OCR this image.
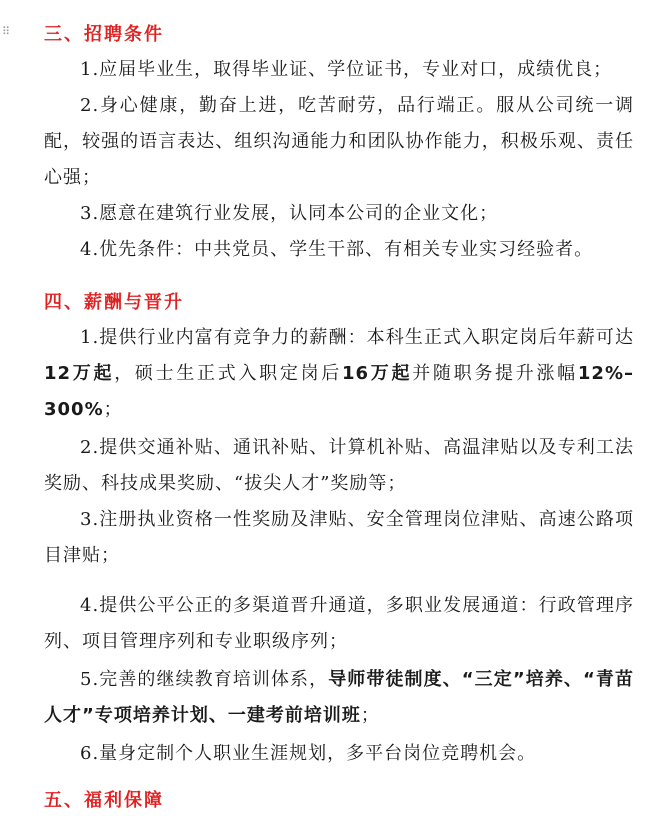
⠿ 三、招聘条件
1.应届毕业生，取得毕业证、学位证书，专业对口，成绩优良；
2.身心健康，勤奋上进，吃苦耐劳，品行端正。服从公司统一调配，较强的语言表达、组织沟通能力和团队协作能力，积极乐观、责任心强；
3.愿意在建筑行业发展，认同本公司的企业文化；
4.优先条件：中共党员、学生干部、有相关专业实习经验者。
四、薪酬与晋升
1.提供行业内富有竞争力的薪酬：本科生正式入职定岗后年薪可达12万起，硕士生正式入职定岗后16万起并随职务提升涨幅12%–300%；
2.提供交通补贴、通讯补贴、计算机补贴、高温津贴以及专利工法奖励、科技成果奖励、“拔尖人才”奖励等；
3.注册执业资格一性奖励及津贴、安全管理岗位津贴、高速公路项目津贴；
4.提供公平公正的多渠道晋升通道，多职业发展通道：行政管理序列、项目管理序列和专业职级序列；
5.完善的继续教育培训体系，导师带徒制度、“三定”培养、“青苗人才”专项培养计划、一建考前培训班；
6.量身定制个人职业生涯规划，多平台岗位竞聘机会。
五、福利保障
